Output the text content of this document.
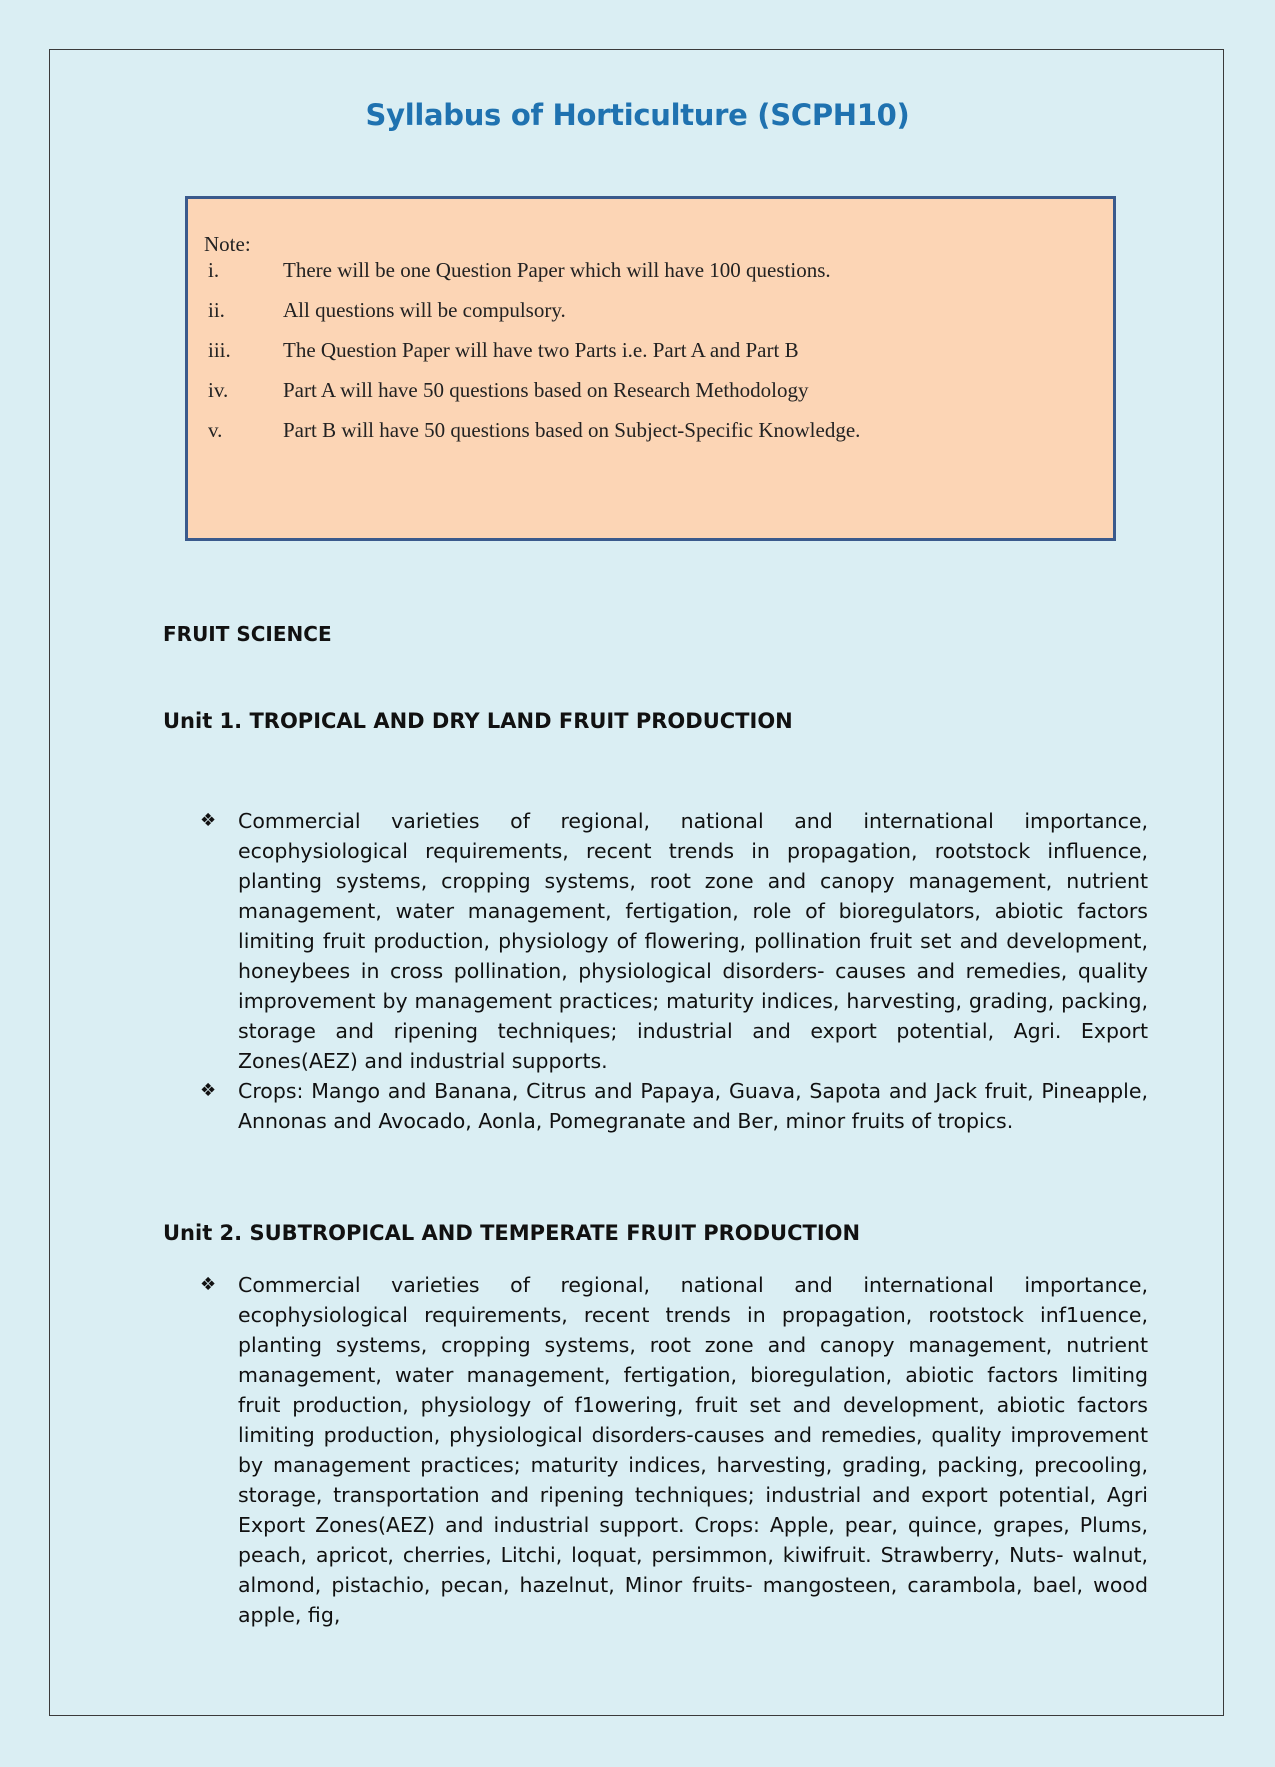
Syllabus of Horticulture (SCPH10)
Note:
i.	There will be one Question Paper which will have 100 questions.
ii.	All questions will be compulsory.
iii. The Question Paper will have two Parts i.e. Part A and Part B
iv.	Part A will have 50 questions based on Research Methodology
v.	Part B will have 50 questions based on Subject-Specific Knowledge.
FRUIT SCIENCE
Unit 1. TROPICAL AND DRY LAND FRUIT PRODUCTION
❖ Commercial varieties of regional, national and international importance, ecophysiological requirements, recent trends in propagation, rootstock influence, planting systems, cropping systems, root zone and canopy management, nutrient management, water management, fertigation, role of bioregulators, abiotic factors limiting fruit production, physiology of flowering, pollination fruit set and development, honeybees in cross pollination, physiological disorders- causes and remedies, quality improvement by management practices; maturity indices, harvesting, grading, packing, storage and ripening techniques; industrial and export potential, Agri. Export Zones(AEZ) and industrial supports.
❖ Crops: Mango and Banana, Citrus and Papaya, Guava, Sapota and Jack fruit, Pineapple, Annonas and Avocado, Aonla, Pomegranate and Ber, minor fruits of tropics.
Unit 2. SUBTROPICAL AND TEMPERATE FRUIT PRODUCTION
❖ Commercial varieties of regional, national and international importance, ecophysiological requirements, recent trends in propagation, rootstock inf1uence, planting systems, cropping systems, root zone and canopy management, nutrient management, water management, fertigation, bioregulation, abiotic factors limiting fruit production, physiology of f1owering, fruit set and development, abiotic factors limiting production, physiological disorders-causes and remedies, quality improvement by management practices; maturity indices, harvesting, grading, packing, precooling, storage, transportation and ripening techniques; industrial and export potential, Agri Export Zones(AEZ) and industrial support. Crops: Apple, pear, quince, grapes, Plums, peach, apricot, cherries, Litchi, loquat, persimmon, kiwifruit. Strawberry, Nuts- walnut, almond, pistachio, pecan, hazelnut, Minor fruits- mangosteen, carambola, bael, wood apple, fig,
